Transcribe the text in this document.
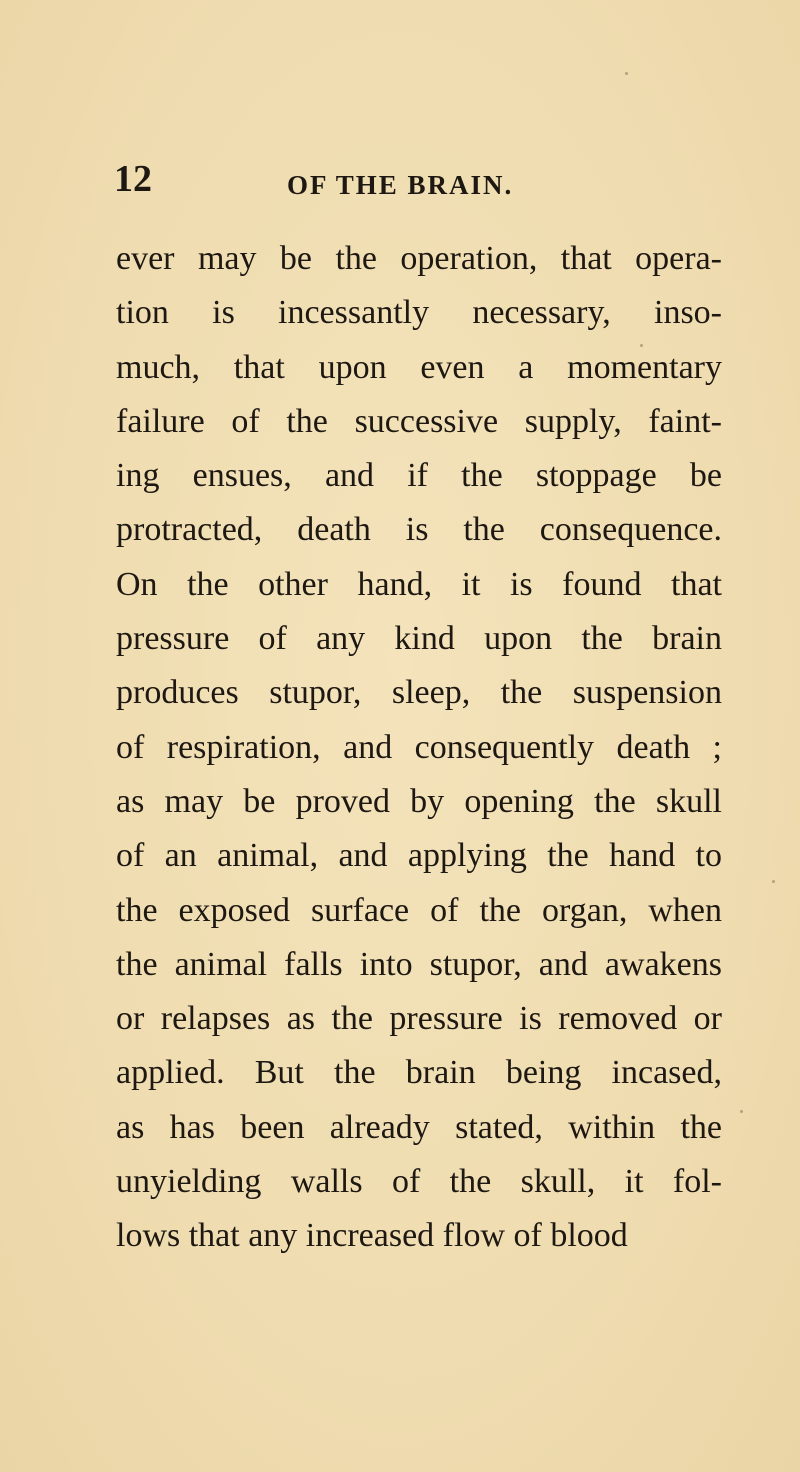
12	OF THE BRAIN.
ever may be the operation, that opera-
tion is incessantly necessary, inso-
much, that upon even a momentary
failure of the successive supply, faint-
ing ensues, and if the stoppage be
protracted, death is the consequence.
On the other hand, it is found that
pressure of any kind upon the brain
produces stupor, sleep, the suspension
of respiration, and consequently death ;
as may be proved by opening the skull
of an animal, and applying the hand to
the exposed surface of the organ, when
the animal falls into stupor, and awakens
or relapses as the pressure is removed or
applied. But the brain being incased,
as has been already stated, within the
unyielding walls of the skull, it fol-
lows that any increased flow of blood
